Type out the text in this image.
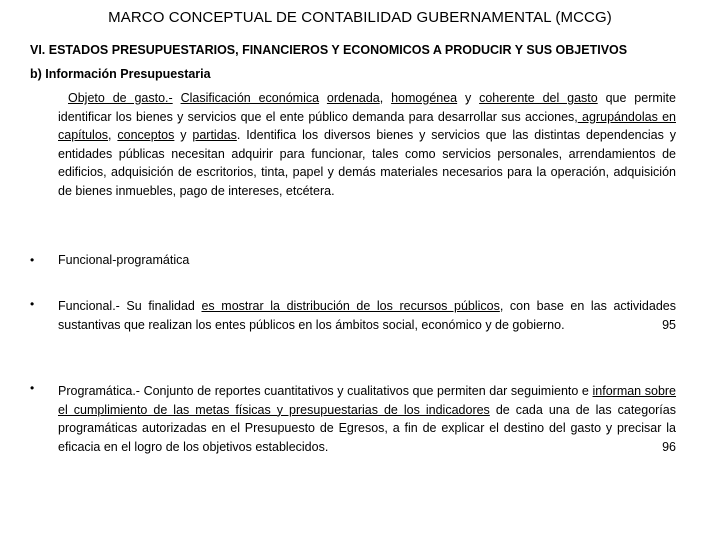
MARCO CONCEPTUAL DE CONTABILIDAD GUBERNAMENTAL (MCCG)
VI. ESTADOS PRESUPUESTARIOS, FINANCIEROS Y ECONOMICOS A PRODUCIR Y SUS OBJETIVOS
b) Información Presupuestaria
Objeto de gasto.- Clasificación económica ordenada, homogénea y coherente del gasto que permite identificar los bienes y servicios que el ente público demanda para desarrollar sus acciones, agrupándolas en capítulos, conceptos y partidas. Identifica los diversos bienes y servicios que las distintas dependencias y entidades públicas necesitan adquirir para funcionar, tales como servicios personales, arrendamientos de edificios, adquisición de escritorios, tinta, papel y demás materiales necesarios para la operación, adquisición de bienes inmuebles, pago de intereses, etcétera.
• Funcional-programática
• Funcional.- Su finalidad es mostrar la distribución de los recursos públicos, con base en las actividades sustantivas que realizan los entes públicos en los ámbitos social, económico y de gobierno.	95
• Programática.- Conjunto de reportes cuantitativos y cualitativos que permiten dar seguimiento e informan sobre el cumplimiento de las metas físicas y presupuestarias de los indicadores de cada una de las categorías programáticas autorizadas en el Presupuesto de Egresos, a fin de explicar el destino del gasto y precisar la eficacia en el logro de los objetivos establecidos.	96
